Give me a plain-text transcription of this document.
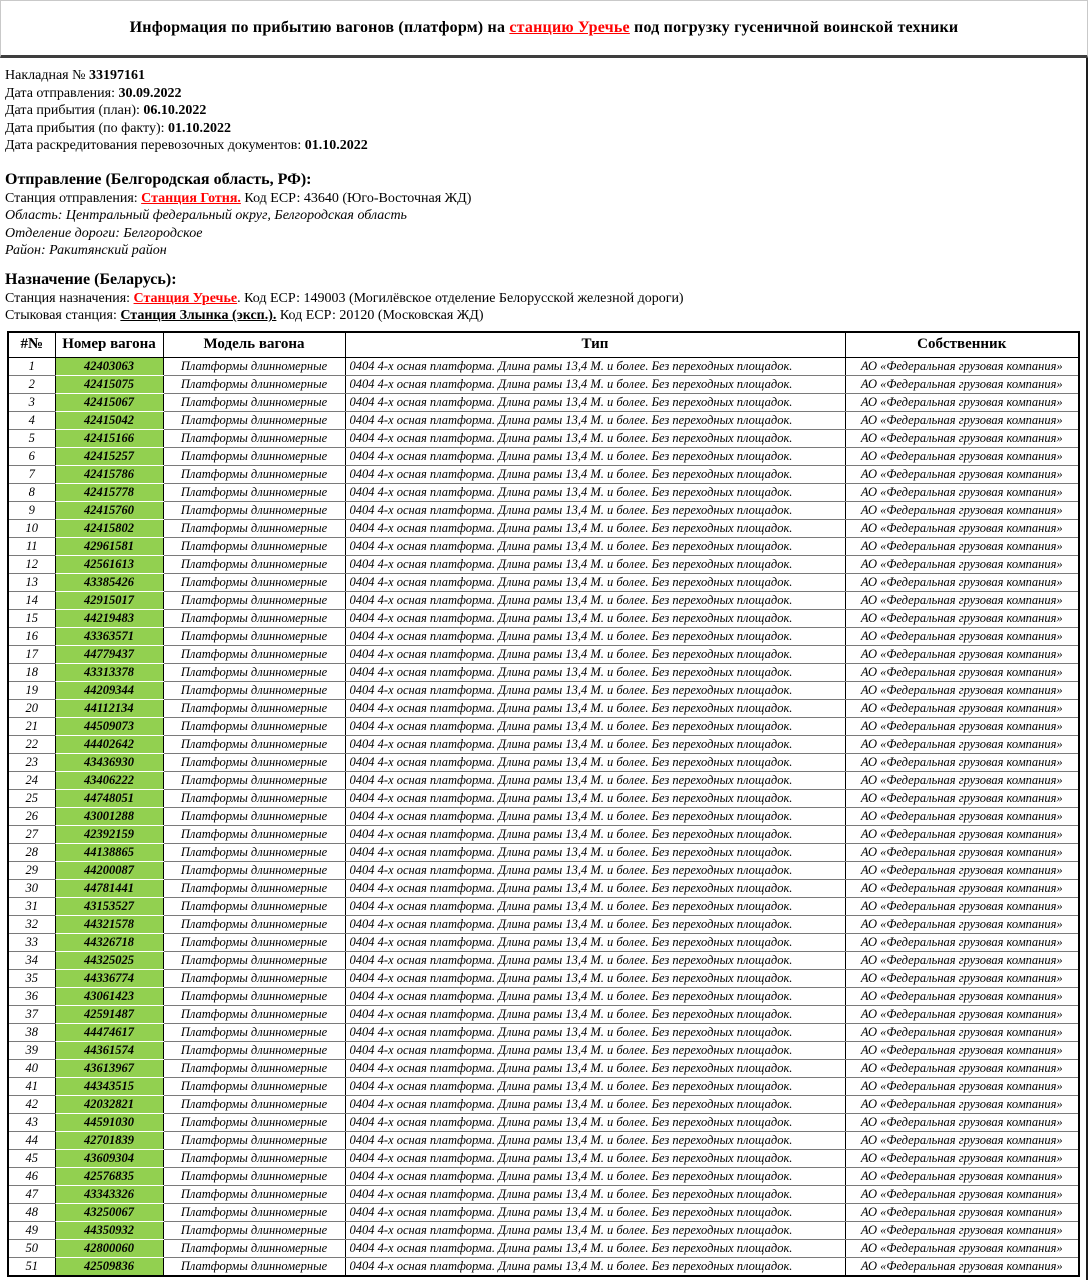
Информация по прибытию вагонов (платформ) на станцию Уречье под погрузку гусеничной воинской техники
Накладная № 33197161
Дата отправления: 30.09.2022
Дата прибытия (план): 06.10.2022
Дата прибытия (по факту): 01.10.2022
Дата раскредитования перевозочных документов: 01.10.2022
Отправление (Белгородская область, РФ):
Станция отправления: Станция Готня. Код ЕСР: 43640 (Юго-Восточная ЖД)
Область: Центральный федеральный округ, Белгородская область
Отделение дороги: Белгородское
Район: Ракитянский район
Назначение (Беларусь):
Станция назначения: Станция Уречье. Код ЕСР: 149003 (Могилёвское отделение Белорусской железной дороги)
Стыковая станция: Станция Злынка (эксп.). Код ЕСР: 20120 (Московская ЖД)
#№	Номер вагона	Модель вагона	Тип	Собственник
1	42403063	Платформы длинномерные	0404 4-х осная платформа. Длина рамы 13,4 М. и более. Без переходных площадок.	АО «Федеральная грузовая компания»
2	42415075	Платформы длинномерные	0404 4-х осная платформа. Длина рамы 13,4 М. и более. Без переходных площадок.	АО «Федеральная грузовая компания»
3	42415067	Платформы длинномерные	0404 4-х осная платформа. Длина рамы 13,4 М. и более. Без переходных площадок.	АО «Федеральная грузовая компания»
4	42415042	Платформы длинномерные	0404 4-х осная платформа. Длина рамы 13,4 М. и более. Без переходных площадок.	АО «Федеральная грузовая компания»
5	42415166	Платформы длинномерные	0404 4-х осная платформа. Длина рамы 13,4 М. и более. Без переходных площадок.	АО «Федеральная грузовая компания»
6	42415257	Платформы длинномерные	0404 4-х осная платформа. Длина рамы 13,4 М. и более. Без переходных площадок.	АО «Федеральная грузовая компания»
7	42415786	Платформы длинномерные	0404 4-х осная платформа. Длина рамы 13,4 М. и более. Без переходных площадок.	АО «Федеральная грузовая компания»
8	42415778	Платформы длинномерные	0404 4-х осная платформа. Длина рамы 13,4 М. и более. Без переходных площадок.	АО «Федеральная грузовая компания»
9	42415760	Платформы длинномерные	0404 4-х осная платформа. Длина рамы 13,4 М. и более. Без переходных площадок.	АО «Федеральная грузовая компания»
10	42415802	Платформы длинномерные	0404 4-х осная платформа. Длина рамы 13,4 М. и более. Без переходных площадок.	АО «Федеральная грузовая компания»
11	42961581	Платформы длинномерные	0404 4-х осная платформа. Длина рамы 13,4 М. и более. Без переходных площадок.	АО «Федеральная грузовая компания»
12	42561613	Платформы длинномерные	0404 4-х осная платформа. Длина рамы 13,4 М. и более. Без переходных площадок.	АО «Федеральная грузовая компания»
13	43385426	Платформы длинномерные	0404 4-х осная платформа. Длина рамы 13,4 М. и более. Без переходных площадок.	АО «Федеральная грузовая компания»
14	42915017	Платформы длинномерные	0404 4-х осная платформа. Длина рамы 13,4 М. и более. Без переходных площадок.	АО «Федеральная грузовая компания»
15	44219483	Платформы длинномерные	0404 4-х осная платформа. Длина рамы 13,4 М. и более. Без переходных площадок.	АО «Федеральная грузовая компания»
16	43363571	Платформы длинномерные	0404 4-х осная платформа. Длина рамы 13,4 М. и более. Без переходных площадок.	АО «Федеральная грузовая компания»
17	44779437	Платформы длинномерные	0404 4-х осная платформа. Длина рамы 13,4 М. и более. Без переходных площадок.	АО «Федеральная грузовая компания»
18	43313378	Платформы длинномерные	0404 4-х осная платформа. Длина рамы 13,4 М. и более. Без переходных площадок.	АО «Федеральная грузовая компания»
19	44209344	Платформы длинномерные	0404 4-х осная платформа. Длина рамы 13,4 М. и более. Без переходных площадок.	АО «Федеральная грузовая компания»
20	44112134	Платформы длинномерные	0404 4-х осная платформа. Длина рамы 13,4 М. и более. Без переходных площадок.	АО «Федеральная грузовая компания»
21	44509073	Платформы длинномерные	0404 4-х осная платформа. Длина рамы 13,4 М. и более. Без переходных площадок.	АО «Федеральная грузовая компания»
22	44402642	Платформы длинномерные	0404 4-х осная платформа. Длина рамы 13,4 М. и более. Без переходных площадок.	АО «Федеральная грузовая компания»
23	43436930	Платформы длинномерные	0404 4-х осная платформа. Длина рамы 13,4 М. и более. Без переходных площадок.	АО «Федеральная грузовая компания»
24	43406222	Платформы длинномерные	0404 4-х осная платформа. Длина рамы 13,4 М. и более. Без переходных площадок.	АО «Федеральная грузовая компания»
25	44748051	Платформы длинномерные	0404 4-х осная платформа. Длина рамы 13,4 М. и более. Без переходных площадок.	АО «Федеральная грузовая компания»
26	43001288	Платформы длинномерные	0404 4-х осная платформа. Длина рамы 13,4 М. и более. Без переходных площадок.	АО «Федеральная грузовая компания»
27	42392159	Платформы длинномерные	0404 4-х осная платформа. Длина рамы 13,4 М. и более. Без переходных площадок.	АО «Федеральная грузовая компания»
28	44138865	Платформы длинномерные	0404 4-х осная платформа. Длина рамы 13,4 М. и более. Без переходных площадок.	АО «Федеральная грузовая компания»
29	44200087	Платформы длинномерные	0404 4-х осная платформа. Длина рамы 13,4 М. и более. Без переходных площадок.	АО «Федеральная грузовая компания»
30	44781441	Платформы длинномерные	0404 4-х осная платформа. Длина рамы 13,4 М. и более. Без переходных площадок.	АО «Федеральная грузовая компания»
31	43153527	Платформы длинномерные	0404 4-х осная платформа. Длина рамы 13,4 М. и более. Без переходных площадок.	АО «Федеральная грузовая компания»
32	44321578	Платформы длинномерные	0404 4-х осная платформа. Длина рамы 13,4 М. и более. Без переходных площадок.	АО «Федеральная грузовая компания»
33	44326718	Платформы длинномерные	0404 4-х осная платформа. Длина рамы 13,4 М. и более. Без переходных площадок.	АО «Федеральная грузовая компания»
34	44325025	Платформы длинномерные	0404 4-х осная платформа. Длина рамы 13,4 М. и более. Без переходных площадок.	АО «Федеральная грузовая компания»
35	44336774	Платформы длинномерные	0404 4-х осная платформа. Длина рамы 13,4 М. и более. Без переходных площадок.	АО «Федеральная грузовая компания»
36	43061423	Платформы длинномерные	0404 4-х осная платформа. Длина рамы 13,4 М. и более. Без переходных площадок.	АО «Федеральная грузовая компания»
37	42591487	Платформы длинномерные	0404 4-х осная платформа. Длина рамы 13,4 М. и более. Без переходных площадок.	АО «Федеральная грузовая компания»
38	44474617	Платформы длинномерные	0404 4-х осная платформа. Длина рамы 13,4 М. и более. Без переходных площадок.	АО «Федеральная грузовая компания»
39	44361574	Платформы длинномерные	0404 4-х осная платформа. Длина рамы 13,4 М. и более. Без переходных площадок.	АО «Федеральная грузовая компания»
40	43613967	Платформы длинномерные	0404 4-х осная платформа. Длина рамы 13,4 М. и более. Без переходных площадок.	АО «Федеральная грузовая компания»
41	44343515	Платформы длинномерные	0404 4-х осная платформа. Длина рамы 13,4 М. и более. Без переходных площадок.	АО «Федеральная грузовая компания»
42	42032821	Платформы длинномерные	0404 4-х осная платформа. Длина рамы 13,4 М. и более. Без переходных площадок.	АО «Федеральная грузовая компания»
43	44591030	Платформы длинномерные	0404 4-х осная платформа. Длина рамы 13,4 М. и более. Без переходных площадок.	АО «Федеральная грузовая компания»
44	42701839	Платформы длинномерные	0404 4-х осная платформа. Длина рамы 13,4 М. и более. Без переходных площадок.	АО «Федеральная грузовая компания»
45	43609304	Платформы длинномерные	0404 4-х осная платформа. Длина рамы 13,4 М. и более. Без переходных площадок.	АО «Федеральная грузовая компания»
46	42576835	Платформы длинномерные	0404 4-х осная платформа. Длина рамы 13,4 М. и более. Без переходных площадок.	АО «Федеральная грузовая компания»
47	43343326	Платформы длинномерные	0404 4-х осная платформа. Длина рамы 13,4 М. и более. Без переходных площадок.	АО «Федеральная грузовая компания»
48	43250067	Платформы длинномерные	0404 4-х осная платформа. Длина рамы 13,4 М. и более. Без переходных площадок.	АО «Федеральная грузовая компания»
49	44350932	Платформы длинномерные	0404 4-х осная платформа. Длина рамы 13,4 М. и более. Без переходных площадок.	АО «Федеральная грузовая компания»
50	42800060	Платформы длинномерные	0404 4-х осная платформа. Длина рамы 13,4 М. и более. Без переходных площадок.	АО «Федеральная грузовая компания»
51	42509836	Платформы длинномерные	0404 4-х осная платформа. Длина рамы 13,4 М. и более. Без переходных площадок.	АО «Федеральная грузовая компания»
